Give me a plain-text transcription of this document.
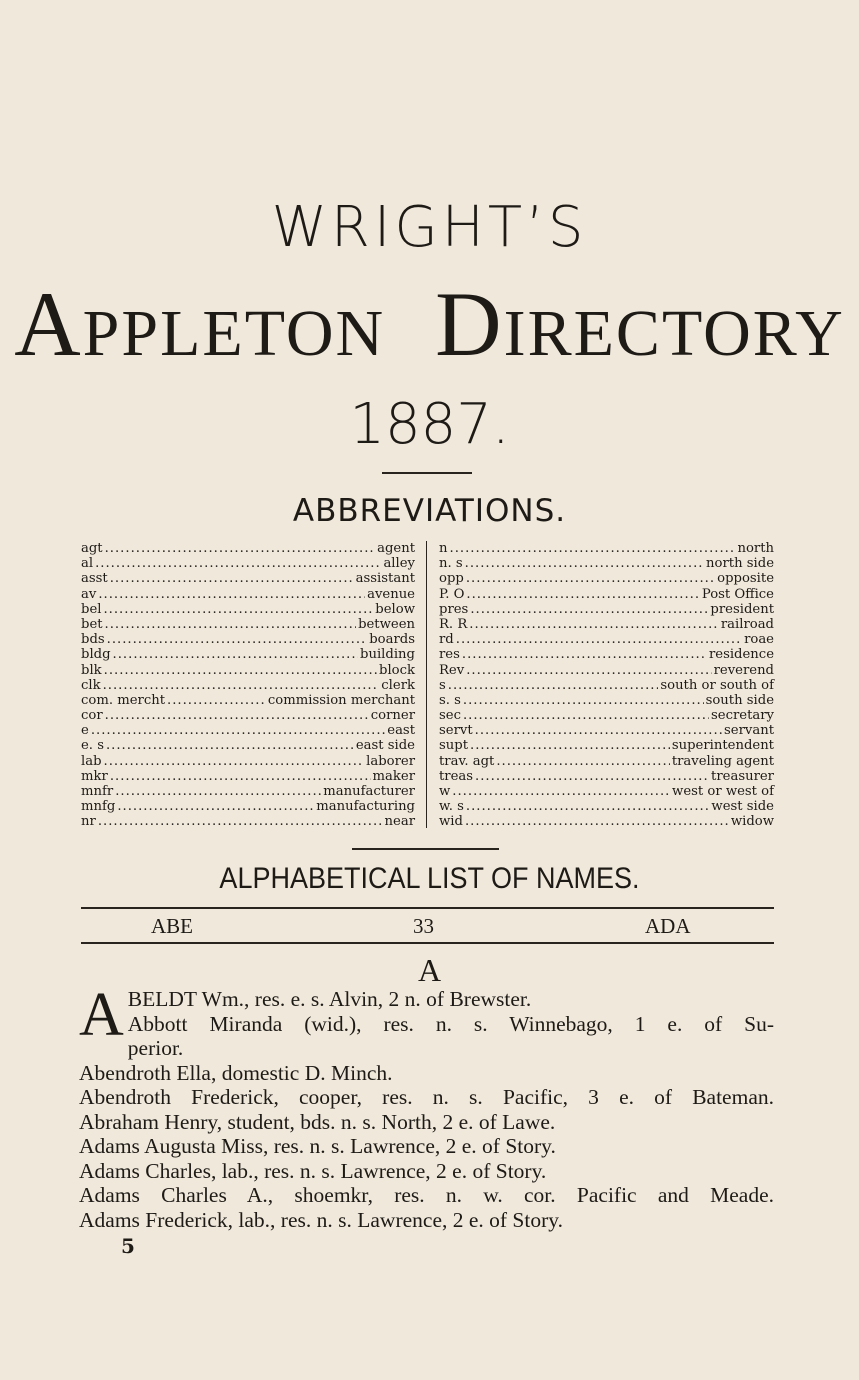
WRIGHT’S
APPLETON DIRECTORY
1887.
ABBREVIATIONS.
agt .....	agent
al .....	alley
asst .....	assistant
av .....	avenue
bel .....	below
bet .....	between
bds .....	boards
bldg .....	building
blk .....	block
clk .....	clerk
com. mercht .....	commission merchant
cor .....	corner
e .....	east
e. s .....	east side
lab .....	laborer
mkr .....	maker
mnfr .....	manufacturer
mnfg .....	manufacturing
nr .....	near
n .....	north
n. s .....	north side
opp .....	opposite
P. O .....	Post Office
pres .....	president
R. R .....	railroad
rd .....	roae
res .....	residence
Rev .....	reverend
s .....	south or south of
s. s .....	south side
sec .....	secretary
servt .....	servant
supt .....	superintendent
trav. agt .....	traveling agent
treas .....	treasurer
w .....	west or west of
w. s .....	west side
wid .....	widow
ALPHABETICAL LIST OF NAMES.
ABE	33	ADA
A
A BELDT Wm., res. e. s. Alvin, 2 n. of Brewster.
Abbott Miranda (wid.), res. n. s. Winnebago, 1 e. of Su-
perior.
Abendroth Ella, domestic D. Minch.
Abendroth Frederick, cooper, res. n. s. Pacific, 3 e. of Bateman.
Abraham Henry, student, bds. n. s. North, 2 e. of Lawe.
Adams Augusta Miss, res. n. s. Lawrence, 2 e. of Story.
Adams Charles, lab., res. n. s. Lawrence, 2 e. of Story.
Adams Charles A., shoemkr, res. n. w. cor. Pacific and Meade.
Adams Frederick, lab., res. n. s. Lawrence, 2 e. of Story.
5
